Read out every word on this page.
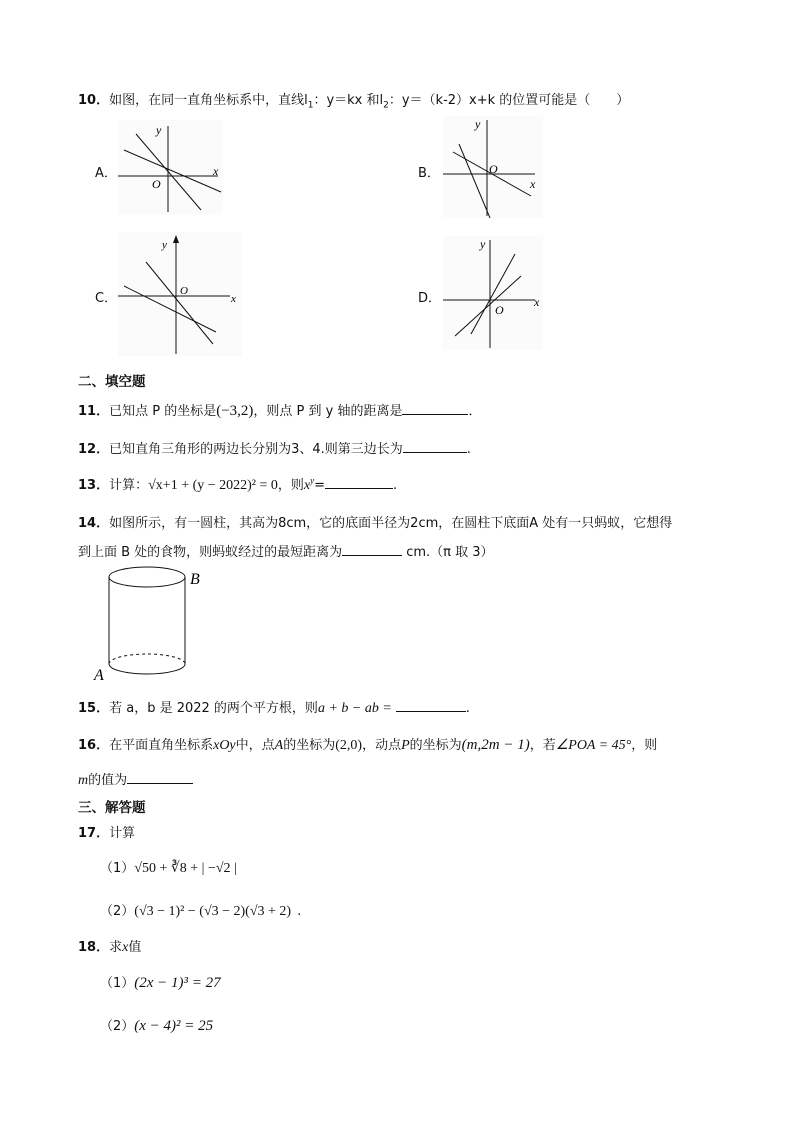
10．如图，在同一直角坐标系中，直线$l_1$：y＝kx 和$l_2$：y＝（k-2）x+k 的位置可能是（　　）
A．	B．
C．	D．
y
x
O
y
x
O
y
x
O
y
x
O
二、填空题
11．已知点 P 的坐标是(−3,2)，则点 P 到 y 轴的距离是	．
12．已知直角三角形的两边长分别为3、4.则第三边长为	.
13．计算：√x+1 + (y − 2022)² = 0，则$x^y=$	.
14．如图所示，有一圆柱，其高为8cm，它的底面半径为2cm，在圆柱下底面A 处有一只蚂蚁，它想得
到上面 B 处的食物，则蚂蚁经过的最短距离为	cm.（π 取 3）
B
A
15．若 a，b 是 2022 的两个平方根，则a + b − ab =	.
16．在平面直角坐标系xOy中，点A的坐标为(2,0)，动点P的坐标为(m,2m − 1)，若∠POA = 45°，则
m的值为
三、解答题
17．计算
（1）√50 + ∛8 + | −√2 |
（2）(√3 − 1)² − (√3 − 2)(√3 + 2) .
18．求x值
（1）(2x − 1)³ = 27
（2）(x − 4)² = 25
